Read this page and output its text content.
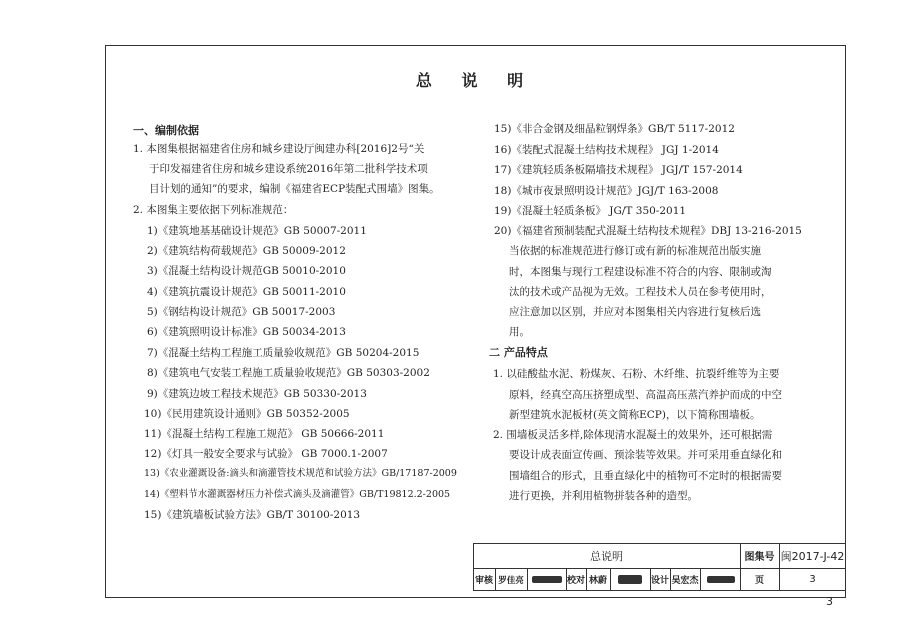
总 说 明
一、编制依据
1. 本图集根据福建省住房和城乡建设厅闽建办科[2016]2号“关
于印发福建省住房和城乡建设系统2016年第二批科学技术项
目计划的通知”的要求，编制《福建省ECP装配式围墙》图集。
2. 本图集主要依据下列标准规范：
1)《建筑地基基础设计规范》GB 50007-2011
2)《建筑结构荷载规范》GB 50009-2012
3)《混凝土结构设计规范GB 50010-2010
4)《建筑抗震设计规范》GB 50011-2010
5)《钢结构设计规范》GB 50017-2003
6)《建筑照明设计标准》GB 50034-2013
7)《混凝土结构工程施工质量验收规范》GB 50204-2015
8)《建筑电气安装工程施工质量验收规范》GB 50303-2002
9)《建筑边坡工程技术规范》GB 50330-2013
10)《民用建筑设计通则》GB 50352-2005
11)《混凝土结构工程施工规范》 GB 50666-2011
12)《灯具一般安全要求与试验》 GB 7000.1-2007
13)《农业灌溉设备:滴头和滴灌管技术规范和试验方法》GB/17187-2009
14)《塑料节水灌溉器材压力补偿式滴头及滴灌管》GB/T19812.2-2005
15)《建筑墙板试验方法》GB/T 30100-2013
15)《非合金钢及细晶粒钢焊条》GB/T 5117-2012
16)《装配式混凝土结构技术规程》 JGJ 1-2014
17)《建筑轻质条板隔墙技术规程》 JGJ/T 157-2014
18)《城市夜景照明设计规范》JGJ/T 163-2008
19)《混凝土轻质条板》 JG/T 350-2011
20)《福建省预制装配式混凝土结构技术规程》DBJ 13-216-2015
当依据的标准规范进行修订或有新的标准规范出版实施
时，本图集与现行工程建设标准不符合的内容、限制或淘
汰的技术或产品视为无效。工程技术人员在参考使用时，
应注意加以区别，并应对本图集相关内容进行复核后选
用。
二 产品特点
1. 以硅酸盐水泥、粉煤灰、石粉、木纤维、抗裂纤维等为主要
原料，经真空高压挤塑成型、高温高压蒸汽养护而成的中空
新型建筑水泥板材(英文简称ECP)，以下简称围墙板。
2. 围墙板灵活多样,除体现清水混凝土的效果外，还可根据需
要设计成表面宣传画、预涂装等效果。并可采用垂直绿化和
围墙组合的形式，且垂直绿化中的植物可不定时的根据需要
进行更换，并利用植物拼装各种的造型。
总说明	图集号 闽2017-J-42
审核 罗佳亮	校对 林蔚	设计 吴宏杰	页	3
3
